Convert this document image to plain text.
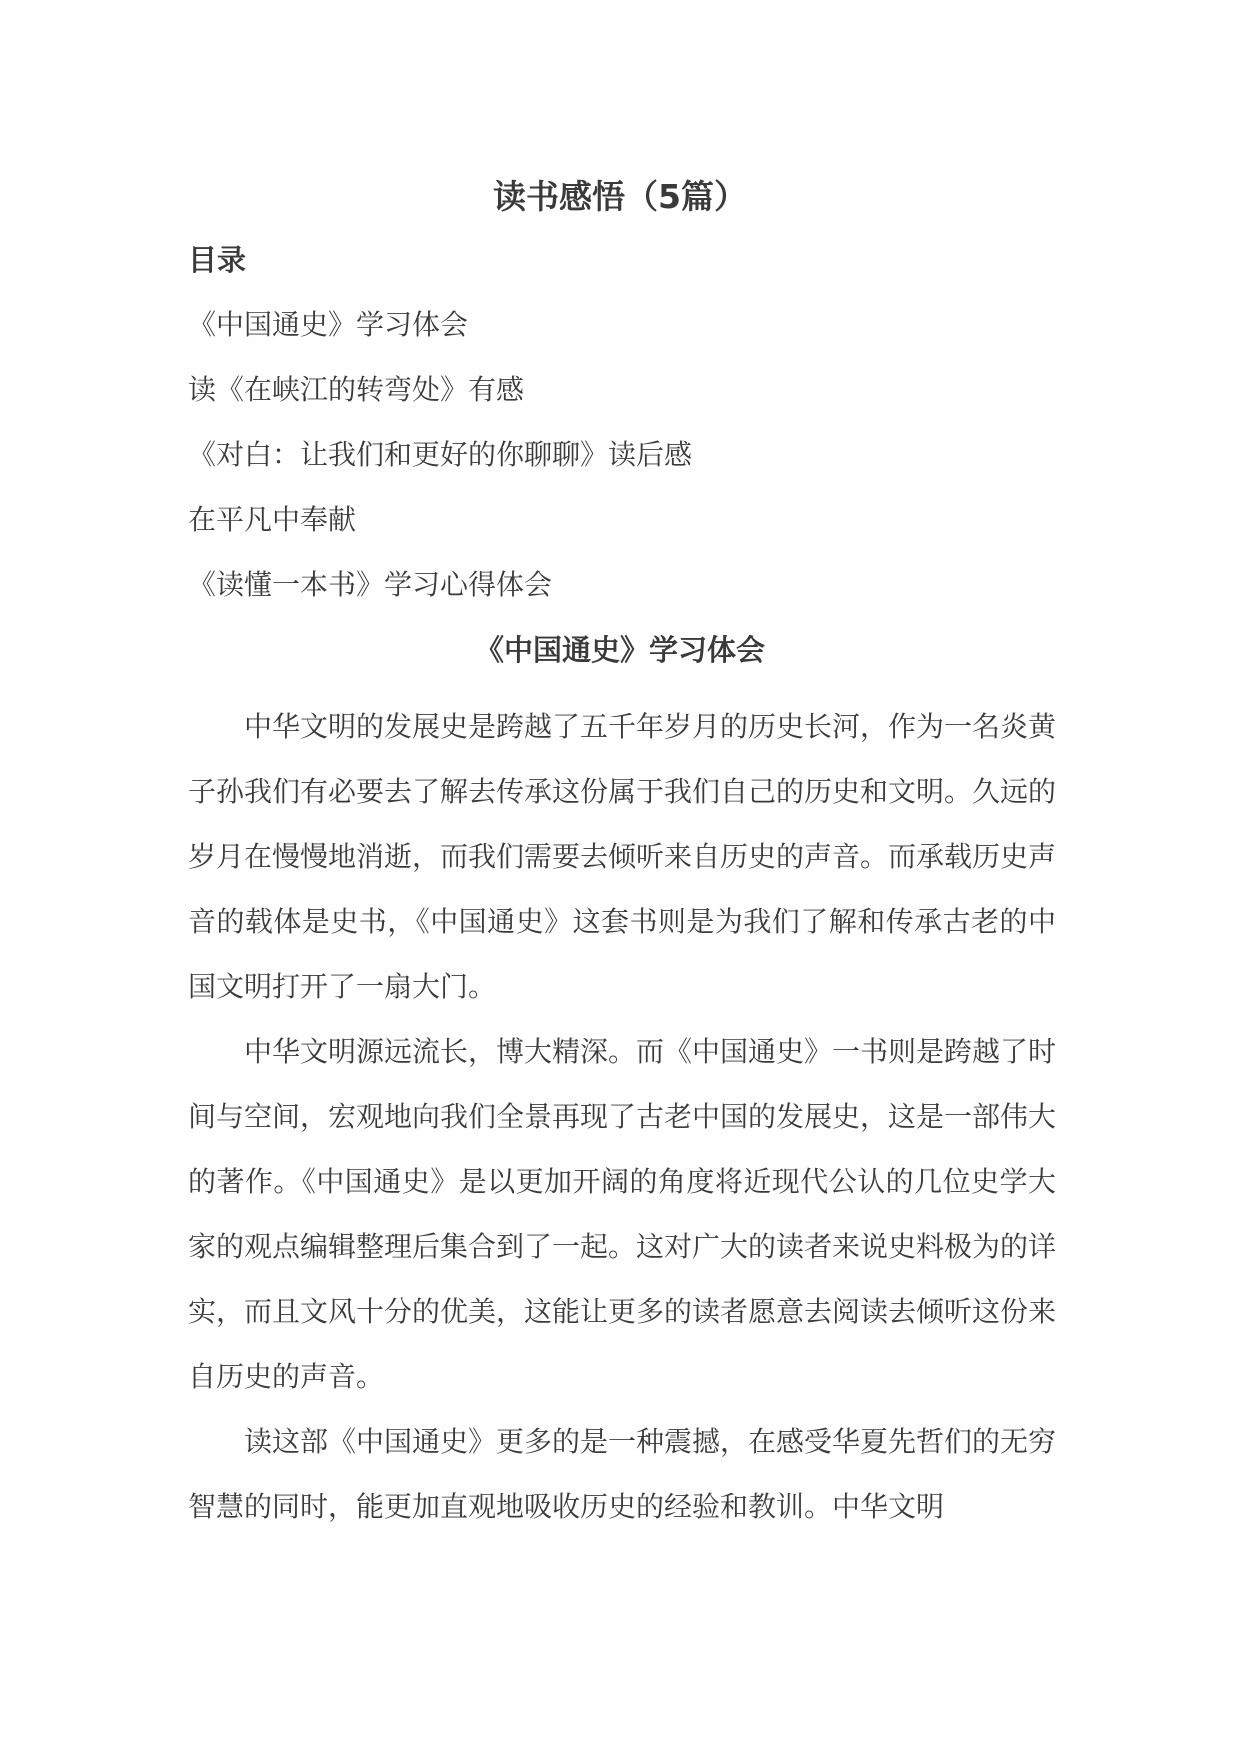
读书感悟（5篇）
目录
《中国通史》学习体会
读《在峡江的转弯处》有感
《对白：让我们和更好的你聊聊》读后感
在平凡中奉献
《读懂一本书》学习心得体会
《中国通史》学习体会

中华文明的发展史是跨越了五千年岁月的历史长河，作为一名炎黄子孙我们有必要去了解去传承这份属于我们自己的历史和文明。久远的岁月在慢慢地消逝，而我们需要去倾听来自历史的声音。而承载历史声音的载体是史书，《中国通史》这套书则是为我们了解和传承古老的中国文明打开了一扇大门。

中华文明源远流长，博大精深。而《中国通史》一书则是跨越了时间与空间，宏观地向我们全景再现了古老中国的发展史，这是一部伟大的著作。《中国通史》是以更加开阔的角度将近现代公认的几位史学大家的观点编辑整理后集合到了一起。这对广大的读者来说史料极为的详实，而且文风十分的优美，这能让更多的读者愿意去阅读去倾听这份来自历史的声音。

读这部《中国通史》更多的是一种震撼，在感受华夏先哲们的无穷智慧的同时，能更加直观地吸收历史的经验和教训。中华文明
